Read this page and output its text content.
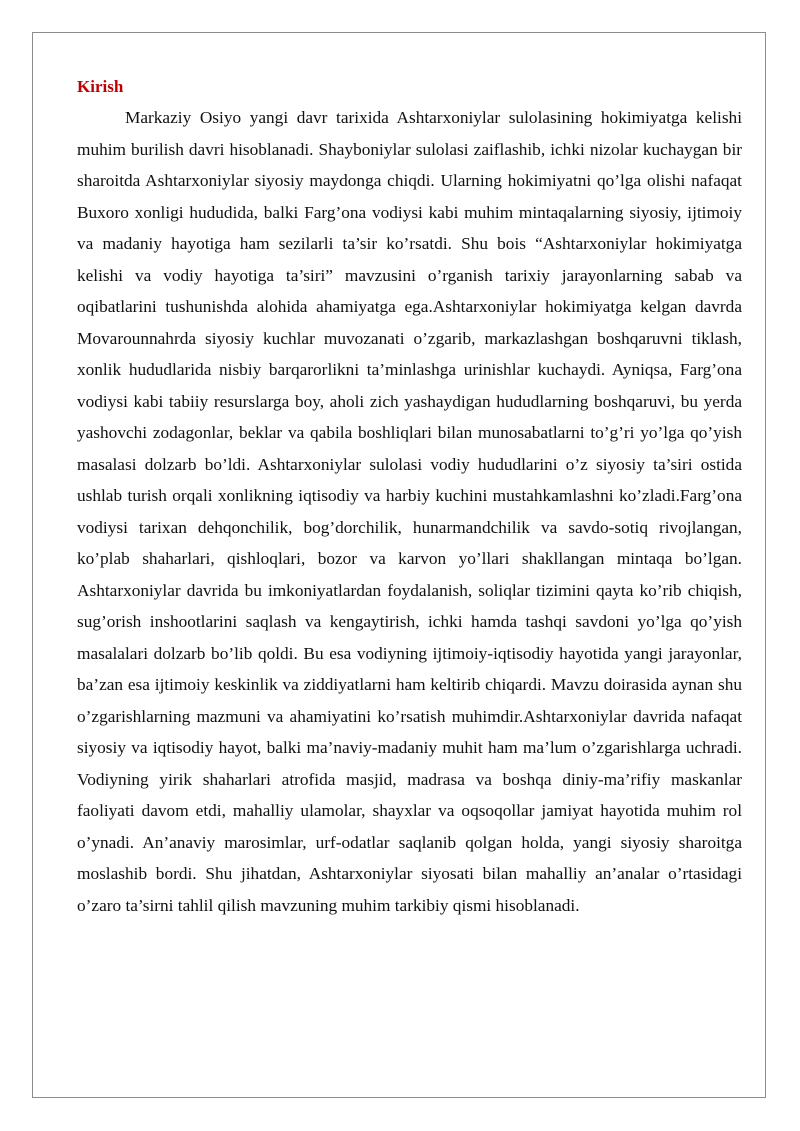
Kirish

Markaziy Osiyo yangi davr tarixida Ashtarxoniylar sulolasining hokimiyatga kelishi muhim burilish davri hisoblanadi. Shayboniylar sulolasi zaiflashib, ichki nizolar kuchaygan bir sharoitda Ashtarxoniylar siyosiy maydonga chiqdi. Ularning hokimiyatni qo’lga olishi nafaqat Buxoro xonligi hududida, balki Farg’ona vodiysi kabi muhim mintaqalarning siyosiy, ijtimoiy va madaniy hayotiga ham sezilarli ta’sir ko’rsatdi. Shu bois “Ashtarxoniylar hokimiyatga kelishi va vodiy hayotiga ta’siri” mavzusini o’rganish tarixiy jarayonlarning sabab va oqibatlarini tushunishda alohida ahamiyatga ega.Ashtarxoniylar hokimiyatga kelgan davrda Movarounnahrda siyosiy kuchlar muvozanati o’zgarib, markazlashgan boshqaruvni tiklash, xonlik hududlarida nisbiy barqarorlikni ta’minlashga urinishlar kuchaydi. Ayniqsa, Farg’ona vodiysi kabi tabiiy resurslarga boy, aholi zich yashaydigan hududlarning boshqaruvi, bu yerda yashovchi zodagonlar, beklar va qabila boshliqlari bilan munosabatlarni to’g’ri yo’lga qo’yish masalasi dolzarb bo’ldi. Ashtarxoniylar sulolasi vodiy hududlarini o’z siyosiy ta’siri ostida ushlab turish orqali xonlikning iqtisodiy va harbiy kuchini mustahkamlashni ko’zladi.Farg’ona vodiysi tarixan dehqonchilik, bog’dorchilik, hunarmandchilik va savdo-sotiq rivojlangan, ko’plab shaharlari, qishloqlari, bozor va karvon yo’llari shakllangan mintaqa bo’lgan. Ashtarxoniylar davrida bu imkoniyatlardan foydalanish, soliqlar tizimini qayta ko’rib chiqish, sug’orish inshootlarini saqlash va kengaytirish, ichki hamda tashqi savdoni yo’lga qo’yish masalalari dolzarb bo’lib qoldi. Bu esa vodiyning ijtimoiy-iqtisodiy hayotida yangi jarayonlar, ba’zan esa ijtimoiy keskinlik va ziddiyatlarni ham keltirib chiqardi. Mavzu doirasida aynan shu o’zgarishlarning mazmuni va ahamiyatini ko’rsatish muhimdir.Ashtarxoniylar davrida nafaqat siyosiy va iqtisodiy hayot, balki ma’naviy-madaniy muhit ham ma’lum o’zgarishlarga uchradi. Vodiyning yirik shaharlari atrofida masjid, madrasa va boshqa diniy-ma’rifiy maskanlar faoliyati davom etdi, mahalliy ulamolar, shayxlar va oqsoqollar jamiyat hayotida muhim rol o’ynadi. An’anaviy marosimlar, urf-odatlar saqlanib qolgan holda, yangi siyosiy sharoitga moslashib bordi. Shu jihatdan, Ashtarxoniylar siyosati bilan mahalliy an’analar o’rtasidagi o’zaro ta’sirni tahlil qilish mavzuning muhim tarkibiy qismi hisoblanadi.
